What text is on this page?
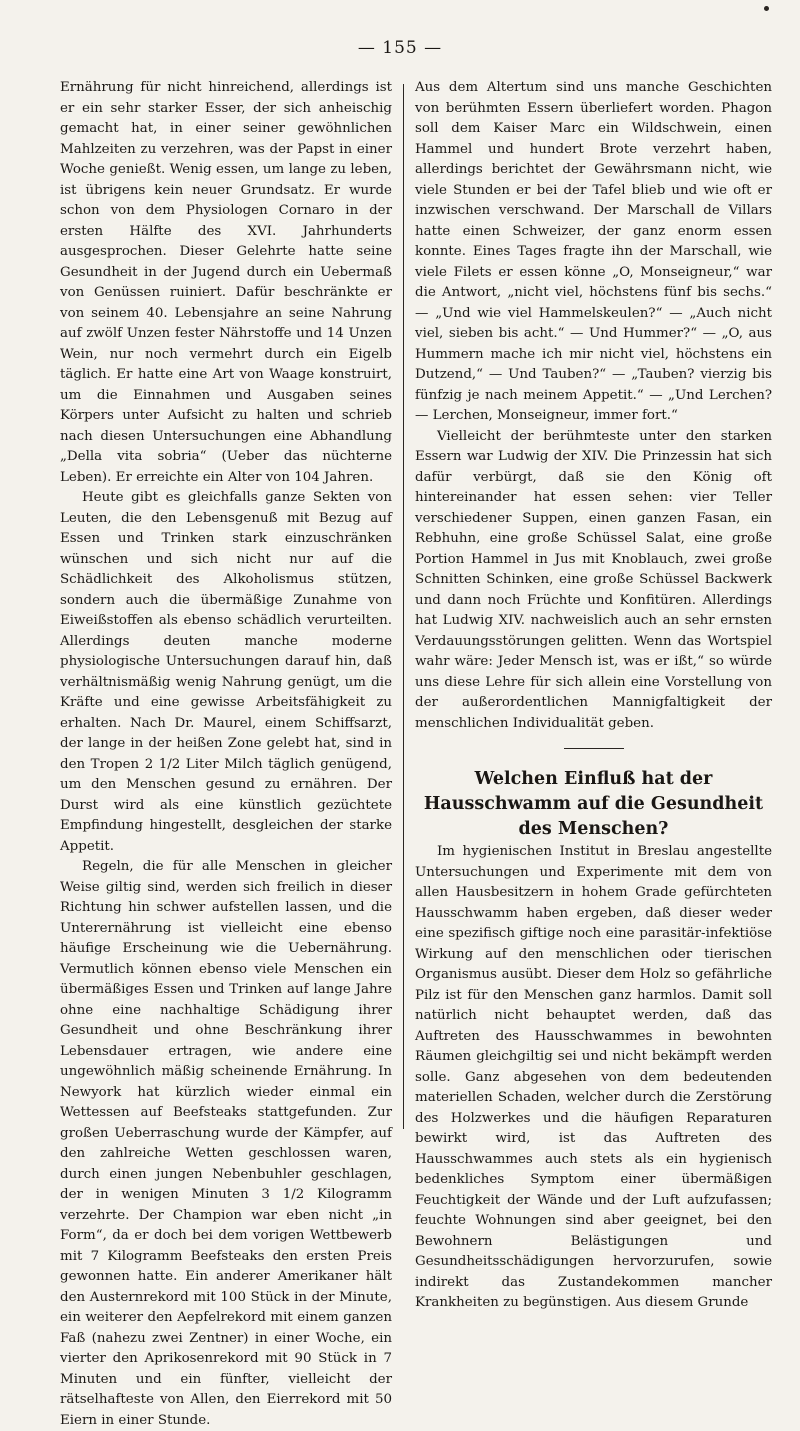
— 155 —

Ernährung für nicht hinreichend, allerdings ist er ein sehr starker Esser, der sich anheischig gemacht hat, in einer seiner gewöhnlichen Mahlzeiten zu verzehren, was der Papst in einer Woche genießt. Wenig essen, um lange zu leben, ist übrigens kein neuer Grundsatz. Er wurde schon von dem Physiologen Cornaro in der ersten Hälfte des XVI. Jahrhunderts ausgesprochen. Dieser Gelehrte hatte seine Gesundheit in der Jugend durch ein Uebermaß von Genüssen ruiniert. Dafür beschränkte er von seinem 40. Lebensjahre an seine Nahrung auf zwölf Unzen fester Nährstoffe und 14 Unzen Wein, nur noch vermehrt durch ein Eigelb täglich. Er hatte eine Art von Waage konstruirt, um die Einnahmen und Ausgaben seines Körpers unter Aufsicht zu halten und schrieb nach diesen Untersuchungen eine Abhandlung „Della vita sobria“ (Ueber das nüchterne Leben). Er erreichte ein Alter von 104 Jahren.

Heute gibt es gleichfalls ganze Sekten von Leuten, die den Lebensgenuß mit Bezug auf Essen und Trinken stark einzuschränken wünschen und sich nicht nur auf die Schädlichkeit des Alkoholismus stützen, sondern auch die übermäßige Zunahme von Eiweißstoffen als ebenso schädlich verurteilten. Allerdings deuten manche moderne physiologische Untersuchungen darauf hin, daß verhältnismäßig wenig Nahrung genügt, um die Kräfte und eine gewisse Arbeitsfähigkeit zu erhalten. Nach Dr. Maurel, einem Schiffsarzt, der lange in der heißen Zone gelebt hat, sind in den Tropen 2 1/2 Liter Milch täglich genügend, um den Menschen gesund zu ernähren. Der Durst wird als eine künstlich gezüchtete Empfindung hingestellt, desgleichen der starke Appetit.

Regeln, die für alle Menschen in gleicher Weise giltig sind, werden sich freilich in dieser Richtung hin schwer aufstellen lassen, und die Unterernährung ist vielleicht eine ebenso häufige Erscheinung wie die Uebernährung. Vermutlich können ebenso viele Menschen ein übermäßiges Essen und Trinken auf lange Jahre ohne eine nachhaltige Schädigung ihrer Gesundheit und ohne Beschränkung ihrer Lebensdauer ertragen, wie andere eine ungewöhnlich mäßig scheinende Ernährung. In Newyork hat kürzlich wieder einmal ein Wettessen auf Beefsteaks stattgefunden. Zur großen Ueberraschung wurde der Kämpfer, auf den zahlreiche Wetten geschlossen waren, durch einen jungen Nebenbuhler geschlagen, der in wenigen Minuten 3 1/2 Kilogramm verzehrte. Der Champion war eben nicht „in Form“, da er doch bei dem vorigen Wettbewerb mit 7 Kilogramm Beefsteaks den ersten Preis gewonnen hatte. Ein anderer Amerikaner hält den Austernrekord mit 100 Stück in der Minute, ein weiterer den Aepfelrekord mit einem ganzen Faß (nahezu zwei Zentner) in einer Woche, ein vierter den Aprikosenrekord mit 90 Stück in 7 Minuten und ein fünfter, vielleicht der rätselhafteste von Allen, den Eierrekord mit 50 Eiern in einer Stunde.

Aus dem Altertum sind uns manche Geschichten von berühmten Essern überliefert worden. Phagon soll dem Kaiser Marc ein Wildschwein, einen Hammel und hundert Brote verzehrt haben, allerdings berichtet der Gewährsmann nicht, wie viele Stunden er bei der Tafel blieb und wie oft er inzwischen verschwand. Der Marschall de Villars hatte einen Schweizer, der ganz enorm essen konnte. Eines Tages fragte ihn der Marschall, wie viele Filets er essen könne „O, Monseigneur,“ war die Antwort, „nicht viel, höchstens fünf bis sechs.“ — „Und wie viel Hammelskeulen?“ — „Auch nicht viel, sieben bis acht.“ — Und Hummer?“ — „O, aus Hummern mache ich mir nicht viel, höchstens ein Dutzend,“ — Und Tauben?“ — „Tauben? vierzig bis fünfzig je nach meinem Appetit.“ — „Und Lerchen? — Lerchen, Monseigneur, immer fort.“

Vielleicht der berühmteste unter den starken Essern war Ludwig der XIV. Die Prinzessin hat sich dafür verbürgt, daß sie den König oft hintereinander hat essen sehen: vier Teller verschiedener Suppen, einen ganzen Fasan, ein Rebhuhn, eine große Schüssel Salat, eine große Portion Hammel in Jus mit Knoblauch, zwei große Schnitten Schinken, eine große Schüssel Backwerk und dann noch Früchte und Konfitüren. Allerdings hat Ludwig XIV. nachweislich auch an sehr ernsten Verdauungsstörungen gelitten. Wenn das Wortspiel wahr wäre: Jeder Mensch ist, was er ißt,“ so würde uns diese Lehre für sich allein eine Vorstellung von der außerordentlichen Mannigfaltigkeit der menschlichen Individualität geben.

Welchen Einfluß hat der Hausschwamm auf die Gesundheit des Menschen?

Im hygienischen Institut in Breslau angestellte Untersuchungen und Experimente mit dem von allen Hausbesitzern in hohem Grade gefürchteten Hausschwamm haben ergeben, daß dieser weder eine spezifisch giftige noch eine parasitär-infektiöse Wirkung auf den menschlichen oder tierischen Organismus ausübt. Dieser dem Holz so gefährliche Pilz ist für den Menschen ganz harmlos. Damit soll natürlich nicht behauptet werden, daß das Auftreten des Hausschwammes in bewohnten Räumen gleichgiltig sei und nicht bekämpft werden solle. Ganz abgesehen von dem bedeutenden materiellen Schaden, welcher durch die Zerstörung des Holzwerkes und die häufigen Reparaturen bewirkt wird, ist das Auftreten des Hausschwammes auch stets als ein hygienisch bedenkliches Symptom einer übermäßigen Feuchtigkeit der Wände und der Luft aufzufassen; feuchte Wohnungen sind aber geeignet, bei den Bewohnern Belästigungen und Gesundheitsschädigungen hervorzurufen, sowie indirekt das Zustandekommen mancher Krankheiten zu begünstigen. Aus diesem Grunde
